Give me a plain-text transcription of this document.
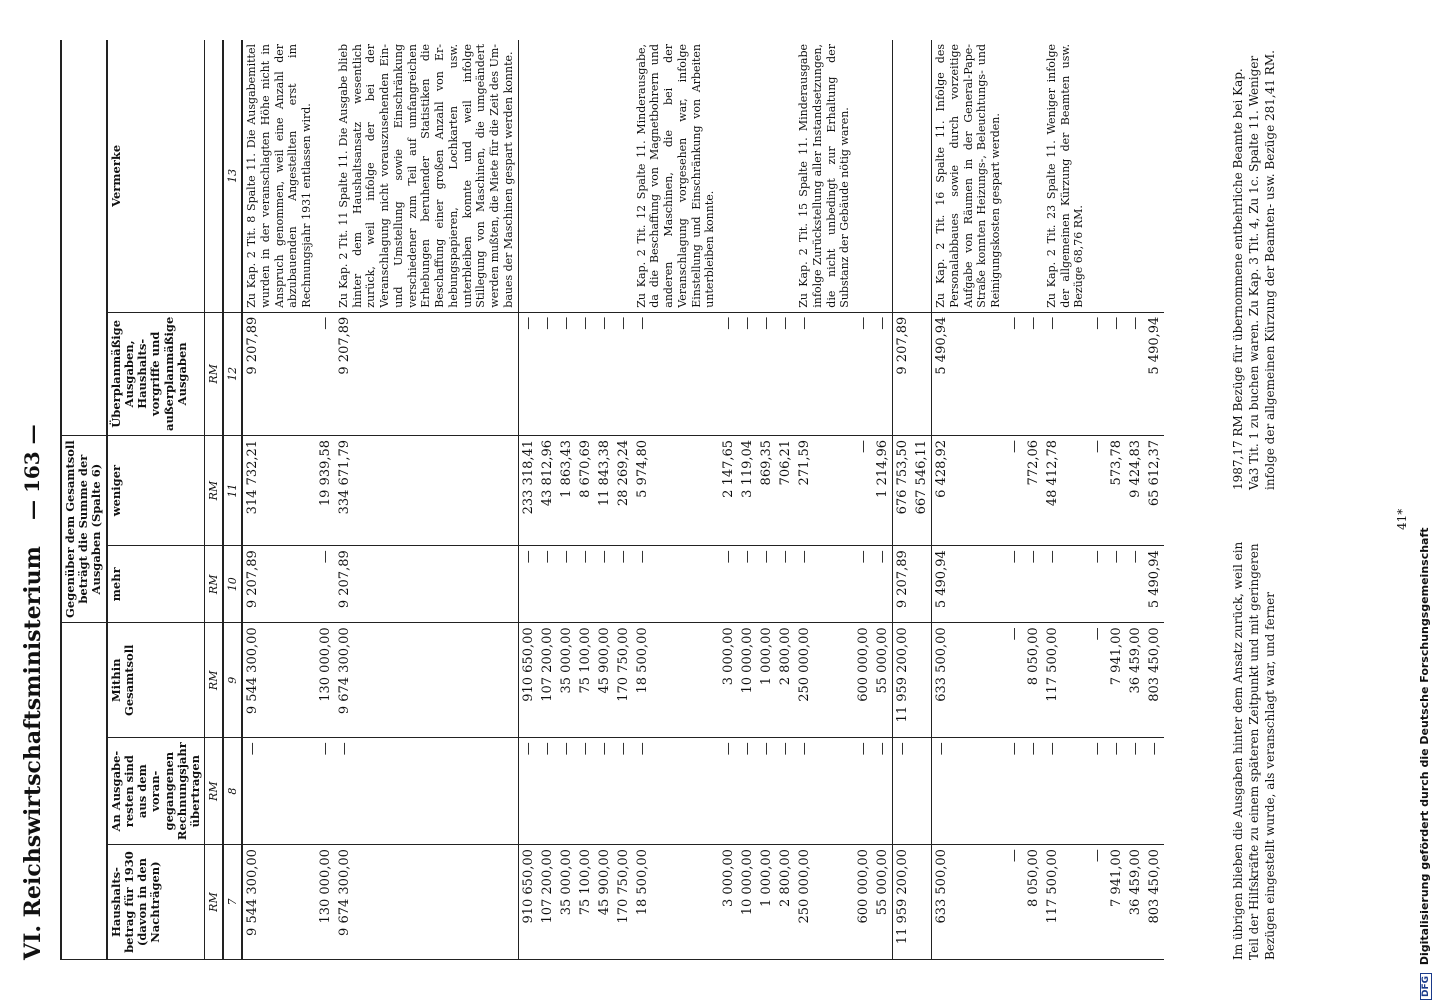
VI. Reichswirtschaftsministerium
— 163 —
			Gegenüber dem Gesamtsoll beträgt die Summe der Ausgaben (Spalte 6)			
Haushaltsbetrag für 1930 (davon in den Nachträgen)	An Ausgaberesten sind aus dem vorangegangenen Rechnungsjahr übertragen	Mithin Gesamtsoll	mehr	weniger	Überplanmäßige Ausgaben, Haushaltsvorgriffe und außerplanmäßige Ausgaben	Vermerke
RM	RM	RM	RM	RM	RM	
7	8	9	10	11	12	13
9 544 300,00	—	9 544 300,00	9 207,89	314 732,21	9 207,89	Zu Kap. 2 Tit. 8 Spalte 11. Die Ausgabemittel wurden in der veranschlagten Höhe nicht in Anspruch genommen, weil eine Anzahl der abzubauenden Angestellten erst im Rechnungsjahr 1931 entlassen wird.
130 000,00	—	130 000,00	—	19 939,58	—	
9 674 300,00	—	9 674 300,00	9 207,89	334 671,79	9 207,89	Zu Kap. 2 Tit. 11 Spalte 11. Die Ausgabe blieb hinter dem Haushaltsansatz wesentlich zurück, weil infolge der bei der Veranschlagung nicht vorauszusehenden Ein- und Umstellung sowie Einschränkung verschiedener zum Teil auf umfangreichen Erhebungen beruhender Statistiken die Beschaffung einer großen Anzahl von Erhebungspapieren, Lochkarten usw. unterbleiben konnte und weil infolge Stillegung von Maschinen, die umgeändert werden mußten, die Miete für die Zeit des Umbaues der Maschinen gespart werden konnte.
910 650,00	—	910 650,00	—	233 318,41	—	
107 200,00	—	107 200,00	—	43 812,96	—	
35 000,00	—	35 000,00	—	1 863,43	—	
75 100,00	—	75 100,00	—	8 670,69	—	
45 900,00	—	45 900,00	—	11 843,38	—	
170 750,00	—	170 750,00	—	28 269,24	—	
18 500,00	—	18 500,00	—	5 974,80	—	Zu Kap. 2 Tit. 12 Spalte 11. Minderausgabe, da die Beschaffung von Magnetbohrern und anderen Maschinen, die bei der Veranschlagung vorgesehen war, infolge Einstellung und Einschränkung von Arbeiten unterbleiben konnte.
3 000,00	—	3 000,00	—	2 147,65	—	
10 000,00	—	10 000,00	—	3 119,04	—	
1 000,00	—	1 000,00	—	869,35	—	
2 800,00	—	2 800,00	—	706,21	—	
250 000,00	—	250 000,00	—	271,59	—	Zu Kap. 2 Tit. 15 Spalte 11. Minderausgabe infolge Zurückstellung aller Instandsetzungen, die nicht unbedingt zur Erhaltung der Substanz der Gebäude nötig waren.
600 000,00	—	600 000,00	—	—	—	
55 000,00	—	55 000,00	—	1 214,96	—	
11 959 200,00	—	11 959 200,00	9 207,89	676 753,50	9 207,89	
				667 546,11		
633 500,00	—	633 500,00	5 490,94	6 428,92	5 490,94	Zu Kap. 2 Tit. 16 Spalte 11. Infolge des Personalabbaues sowie durch vorzeitige Aufgabe von Räumen in der General-Pape-Straße konnten Heizungs-, Beleuchtungs- und Reinigungskosten gespart werden.
—	—	—	—	—	—	
8 050,00	—	8 050,00	—	772,06	—	
117 500,00	—	117 500,00	—	48 412,78	—	Zu Kap. 2 Tit. 23 Spalte 11. Weniger infolge der allgemeinen Kürzung der Beamten usw. Bezüge 68,76 RM.
—	—	—	—	—	—	
7 941,00	—	7 941,00	—	573,78	—	
36 459,00	—	36 459,00	—	9 424,83	—	
803 450,00	—	803 450,00	5 490,94	65 612,37	5 490,94	
Im übrigen blieben die Ausgaben hinter dem Ansatz zurück, weil ein Teil der Hilfskräfte zu einem späteren Zeitpunkt und mit geringeren Bezügen eingestellt wurde, als veranschlagt war, und ferner
1987,17 RM Bezüge für übernommene entbehrliche Beamte bei Kap. Va3 Tit. 1 zu buchen waren. Zu Kap. 3 Tit. 4, Zu 1c. Spalte 11. Weniger infolge der allgemeinen Kürzung der Beamten- usw. Bezüge 281,41 RM.
41*
DFG Digitalisierung gefördert durch die Deutsche Forschungsgemeinschaft
